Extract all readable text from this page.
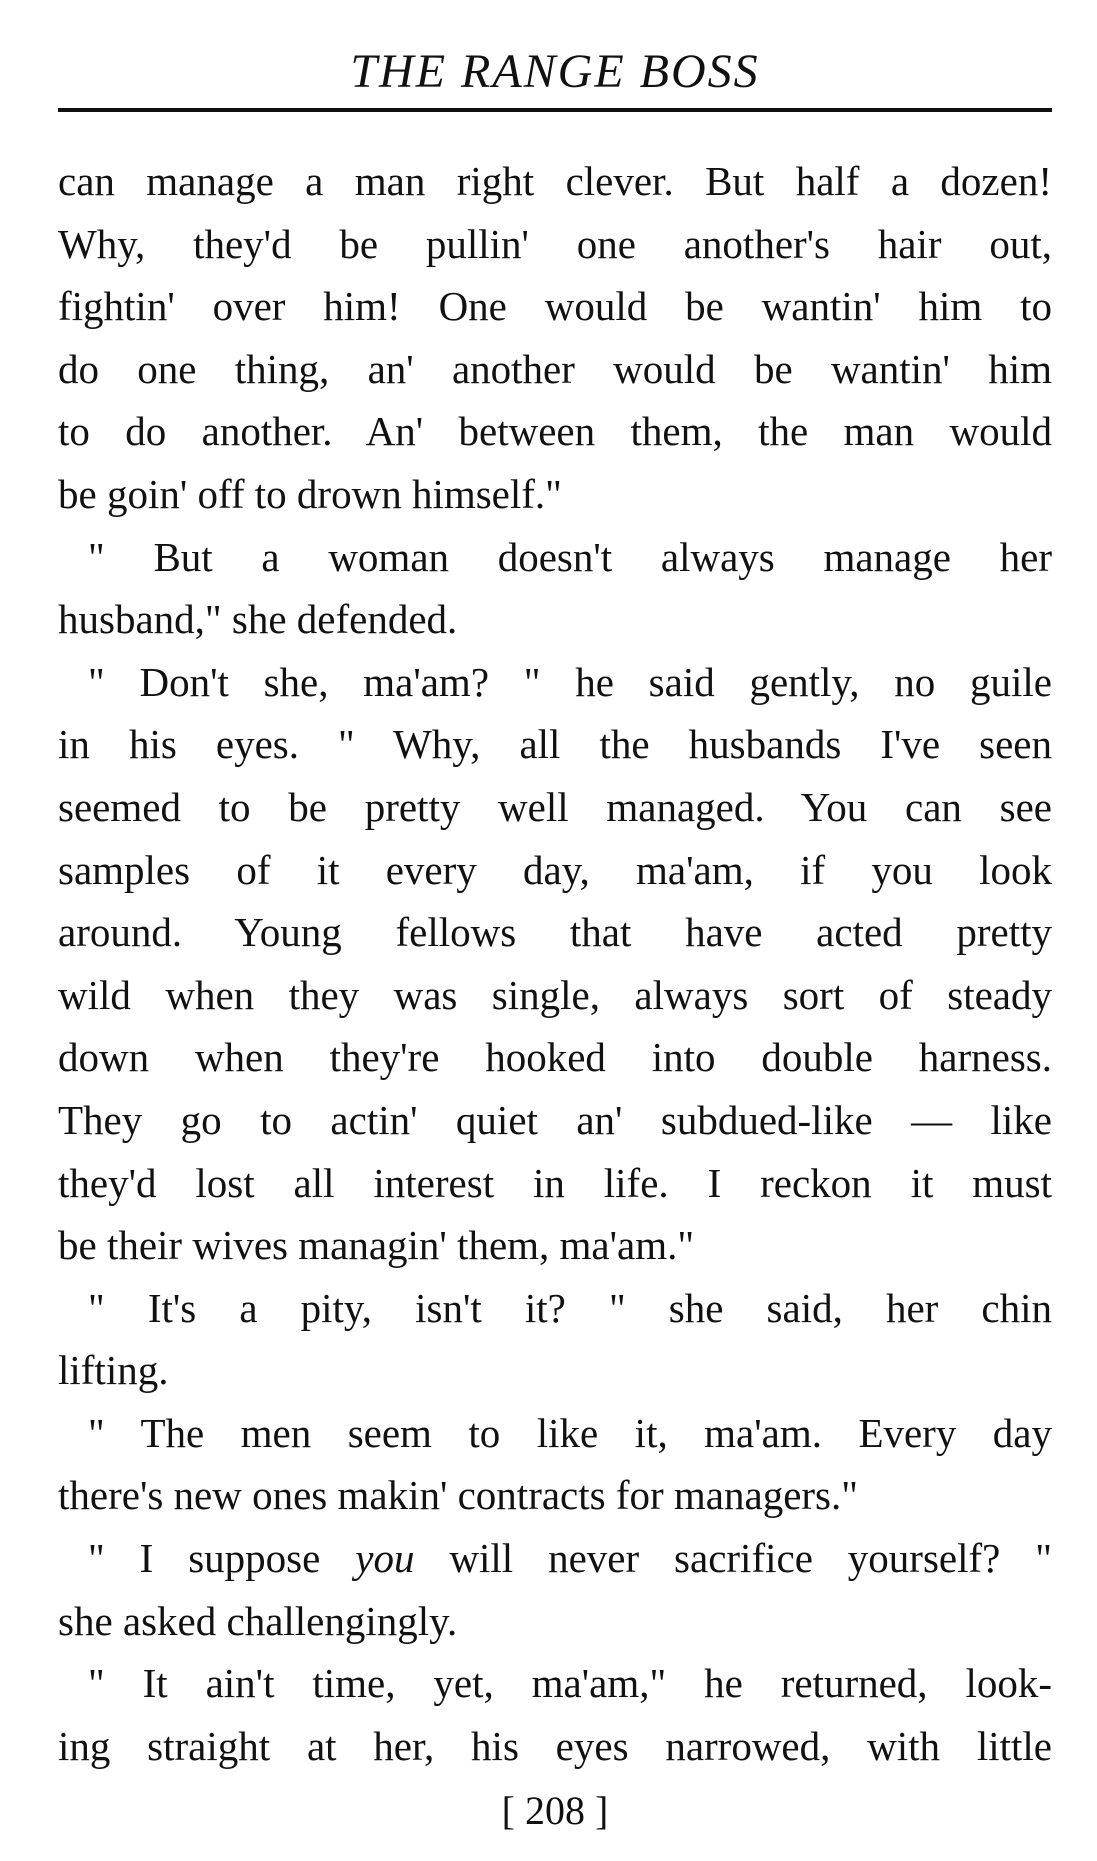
THE RANGE BOSS
can manage a man right clever. But half a dozen!
Why, they'd be pullin' one another's hair out,
fightin' over him! One would be wantin' him to
do one thing, an' another would be wantin' him
to do another. An' between them, the man would
be goin' off to drown himself."
" But a woman doesn't always manage her
husband," she defended.
" Don't she, ma'am? " he said gently, no guile
in his eyes. " Why, all the husbands I've seen
seemed to be pretty well managed. You can see
samples of it every day, ma'am, if you look
around. Young fellows that have acted pretty
wild when they was single, always sort of steady
down when they're hooked into double harness.
They go to actin' quiet an' subdued-like — like
they'd lost all interest in life. I reckon it must
be their wives managin' them, ma'am."
" It's a pity, isn't it? " she said, her chin
lifting.
" The men seem to like it, ma'am. Every day
there's new ones makin' contracts for managers."
" I suppose you will never sacrifice yourself? "
she asked challengingly.
" It ain't time, yet, ma'am," he returned, look-
ing straight at her, his eyes narrowed, with little
[ 208 ]
